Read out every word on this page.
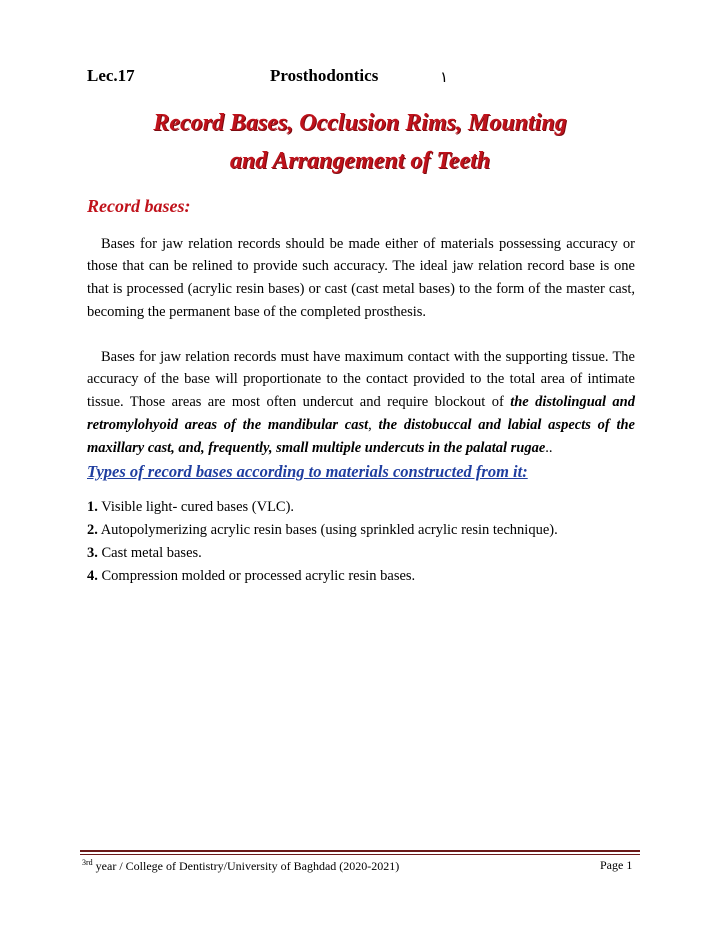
Lec.17	Prosthodontics	١
Record Bases, Occlusion Rims, Mounting
and Arrangement of Teeth
Record bases:

Bases for jaw relation records should be made either of materials possessing accuracy or those that can be relined to provide such accuracy. The ideal jaw relation record base is one that is processed (acrylic resin bases) or cast (cast metal bases) to the form of the master cast, becoming the permanent base of the completed prosthesis.

Bases for jaw relation records must have maximum contact with the supporting tissue. The accuracy of the base will proportionate to the contact provided to the total area of intimate tissue. Those areas are most often undercut and require blockout of the distolingual and retromylohyoid areas of the mandibular cast, the distobuccal and labial aspects of the maxillary cast, and, frequently, small multiple undercuts in the palatal rugae..

Types of record bases according to materials constructed from it:

1. Visible light- cured bases (VLC).

2. Autopolymerizing acrylic resin bases (using sprinkled acrylic resin technique).

3. Cast metal bases.

4. Compression molded or processed acrylic resin bases.

$^{3rd}$ year / College of Dentistry/University of Baghdad (2020-2021)	Page 1
